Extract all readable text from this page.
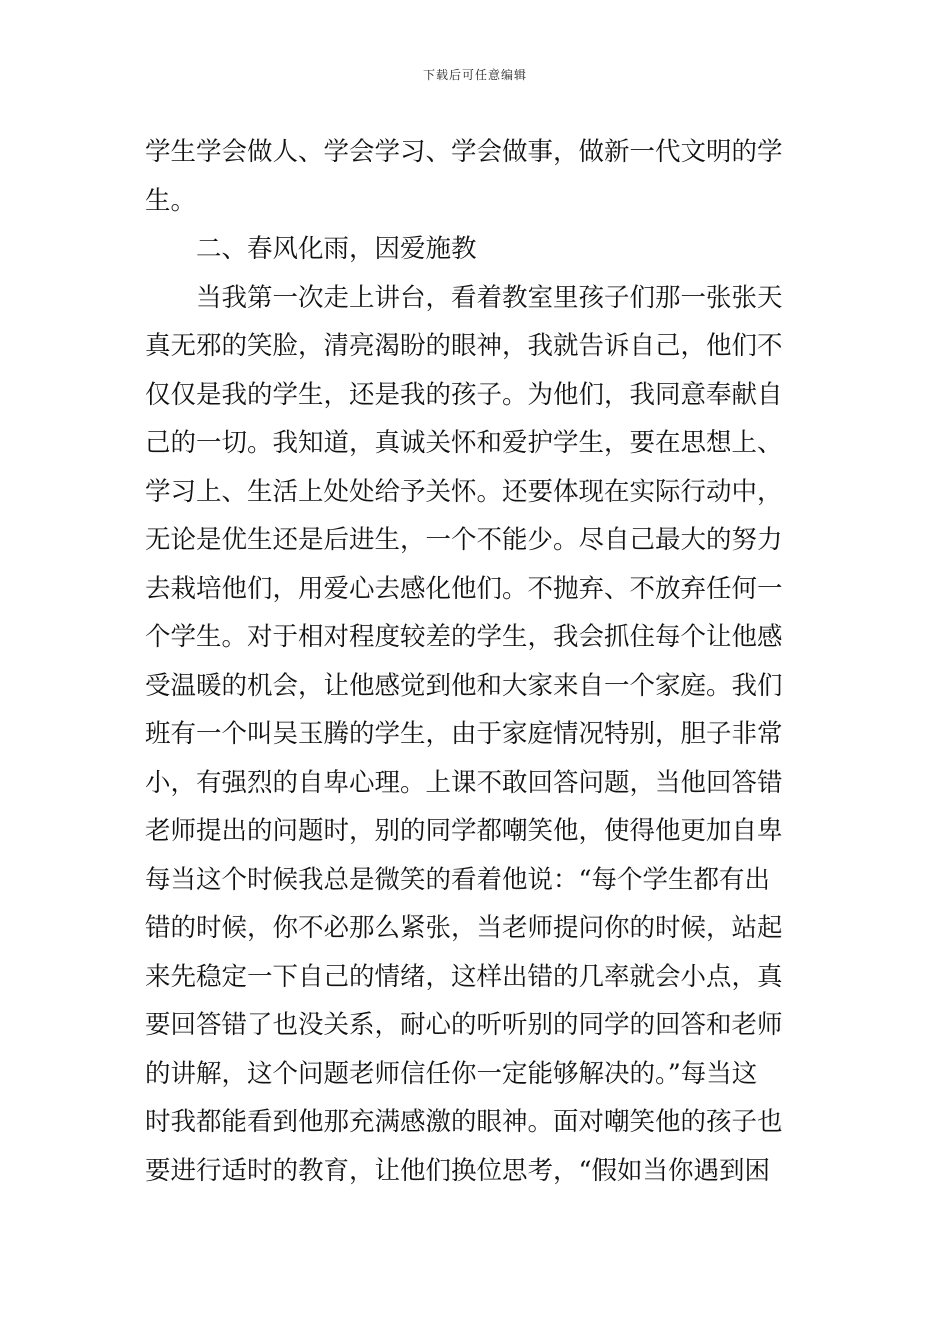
下载后可任意编辑
学生学会做人、学会学习、学会做事，做新一代文明的学
生。
二、春风化雨，因爱施教
当我第一次走上讲台，看着教室里孩子们那一张张天
真无邪的笑脸，清亮渴盼的眼神，我就告诉自己，他们不
仅仅是我的学生，还是我的孩子。为他们，我同意奉献自
己的一切。我知道，真诚关怀和爱护学生，要在思想上、
学习上、生活上处处给予关怀。还要体现在实际行动中，
无论是优生还是后进生，一个不能少。尽自己最大的努力
去栽培他们，用爱心去感化他们。不抛弃、不放弃任何一
个学生。对于相对程度较差的学生，我会抓住每个让他感
受温暖的机会，让他感觉到他和大家来自一个家庭。我们
班有一个叫吴玉腾的学生，由于家庭情况特别，胆子非常
小，有强烈的自卑心理。上课不敢回答问题，当他回答错
老师提出的问题时，别的同学都嘲笑他，使得他更加自卑
每当这个时候我总是微笑的看着他说：“每个学生都有出
错的时候，你不必那么紧张，当老师提问你的时候，站起
来先稳定一下自己的情绪，这样出错的几率就会小点，真
要回答错了也没关系，耐心的听听别的同学的回答和老师
的讲解，这个问题老师信任你一定能够解决的。”每当这
时我都能看到他那充满感激的眼神。面对嘲笑他的孩子也
要进行适时的教育，让他们换位思考，“假如当你遇到困
